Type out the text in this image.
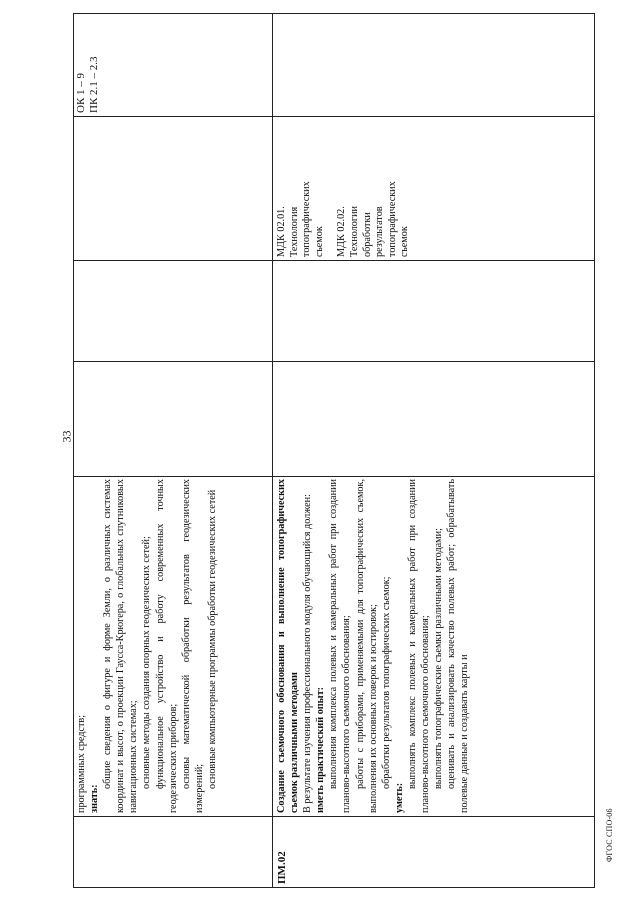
33

программных средств; знать:

общие сведения о фигуре и форме Земли, о различных системах координат и высот, о проекции Гаусса-Крюгера, о глобальных спутниковых навигационных системах; основные методы создания опорных геодезических сетей; функциональное устройство и работу современных точных геодезических приборов; основы математической обработки результатов геодезических измерений; основные компьютерные программы обработки геодезических сетей

ОК 1 – 9 ПК 2.1 – 2.3

ПМ.02

Создание съемочного обоснования и выполнение топографических съемок различными методами В результате изучения профессионального модуля обучающийся должен: иметь практический опыт: выполнения комплекса полевых и камеральных работ при создании планово-высотного съемочного обоснования; работы с приборами, применяемыми для топографических съемок, выполнения их основных поверок и юстировок; обработки результатов топографических съемок;

уметь:

выполнять комплекс полевых и камеральных работ при создании планово-высотного съемочного обоснования; выполнять топографические съемки различными методами; оценивать и анализировать качество полевых работ; обрабатывать полевые данные и создавать карты и

МДК 02.01. Технология топографических съемок МДК 02.02. Технологии обработки результатов топографических съемок

ФГОС СПО-06
